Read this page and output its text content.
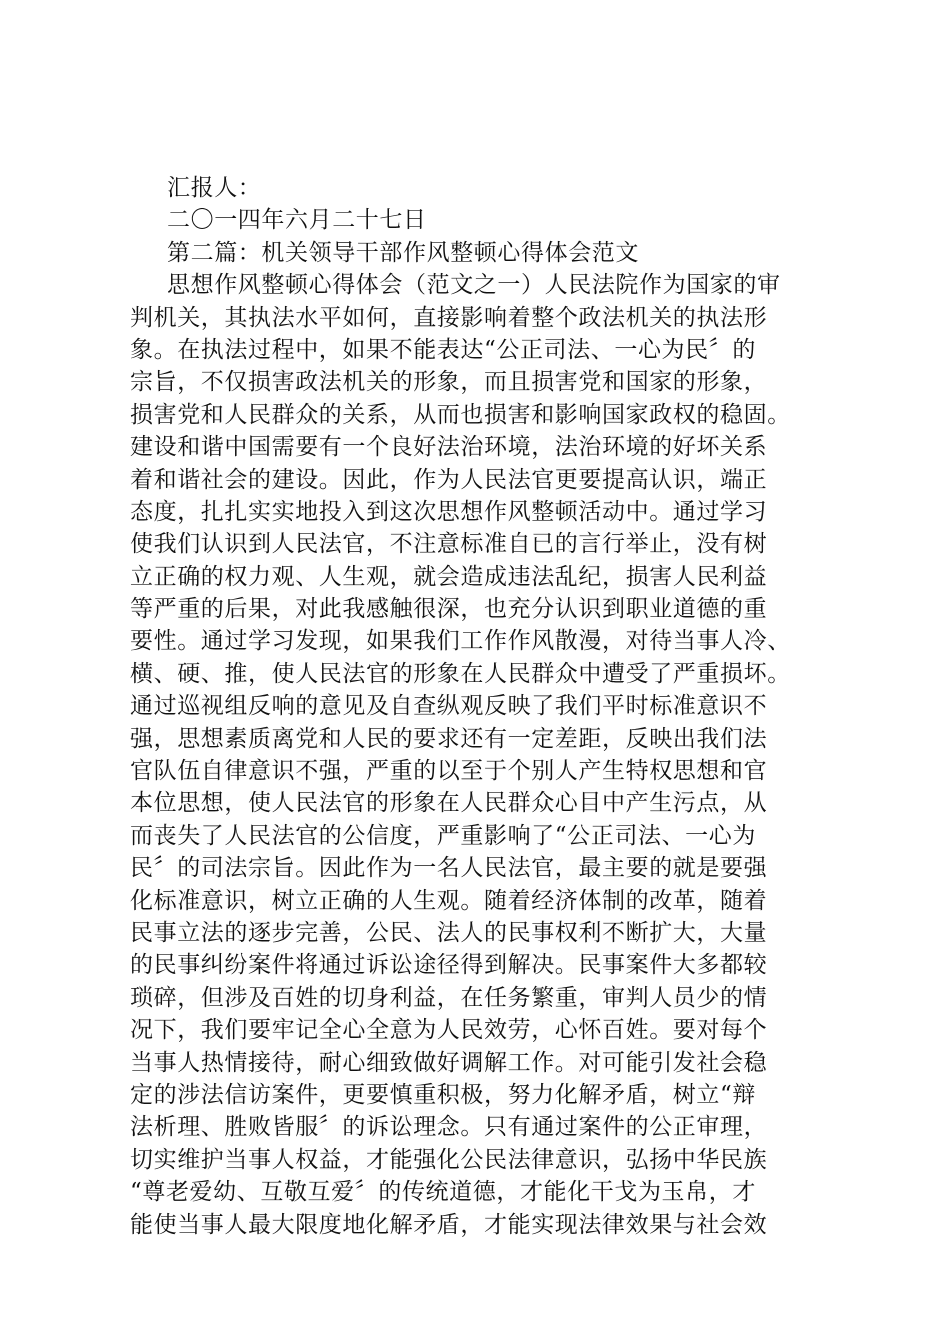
汇报人：
二〇一四年六月二十七日
第二篇：机关领导干部作风整顿心得体会范文
思想作风整顿心得体会（范文之一）人民法院作为国家的审
判机关，其执法水平如何，直接影响着整个政法机关的执法形
象。在执法过程中，如果不能表达“公正司法、一心为民〞的
宗旨，不仅损害政法机关的形象，而且损害党和国家的形象，
损害党和人民群众的关系，从而也损害和影响国家政权的稳固。
建设和谐中国需要有一个良好法治环境，法治环境的好坏关系
着和谐社会的建设。因此，作为人民法官更要提高认识，端正
态度，扎扎实实地投入到这次思想作风整顿活动中。通过学习
使我们认识到人民法官，不注意标准自已的言行举止，没有树
立正确的权力观、人生观，就会造成违法乱纪，损害人民利益
等严重的后果，对此我感触很深，也充分认识到职业道德的重
要性。通过学习发现，如果我们工作作风散漫，对待当事人冷、
横、硬、推，使人民法官的形象在人民群众中遭受了严重损坏。
通过巡视组反响的意见及自查纵观反映了我们平时标准意识不
强，思想素质离党和人民的要求还有一定差距，反映出我们法
官队伍自律意识不强，严重的以至于个别人产生特权思想和官
本位思想，使人民法官的形象在人民群众心目中产生污点，从
而丧失了人民法官的公信度，严重影响了“公正司法、一心为
民〞的司法宗旨。因此作为一名人民法官，最主要的就是要强
化标准意识，树立正确的人生观。随着经济体制的改革，随着
民事立法的逐步完善，公民、法人的民事权利不断扩大，大量
的民事纠纷案件将通过诉讼途径得到解决。民事案件大多都较
琐碎，但涉及百姓的切身利益，在任务繁重，审判人员少的情
况下，我们要牢记全心全意为人民效劳，心怀百姓。要对每个
当事人热情接待，耐心细致做好调解工作。对可能引发社会稳
定的涉法信访案件，更要慎重积极，努力化解矛盾，树立“辩
法析理、胜败皆服〞的诉讼理念。只有通过案件的公正审理，
切实维护当事人权益，才能强化公民法律意识，弘扬中华民族
“尊老爱幼、互敬互爱〞的传统道德，才能化干戈为玉帛，才
能使当事人最大限度地化解矛盾，才能实现法律效果与社会效
